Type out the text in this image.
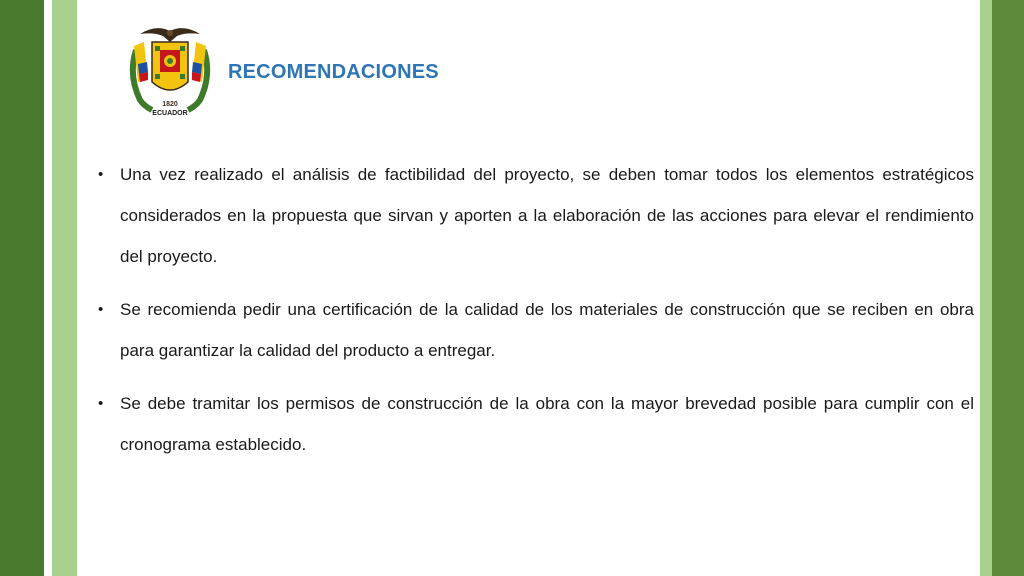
1820
ECUADOR
RECOMENDACIONES
• Una vez realizado el análisis de factibilidad del proyecto, se deben tomar todos los elementos estratégicos considerados en la propuesta que sirvan y aporten a la elaboración de las acciones para elevar el rendimiento del proyecto.
• Se recomienda pedir una certificación de la calidad de los materiales de construcción que se reciben en obra para garantizar la calidad del producto a entregar.
• Se debe tramitar los permisos de construcción de la obra con la mayor brevedad posible para cumplir con el cronograma establecido.
